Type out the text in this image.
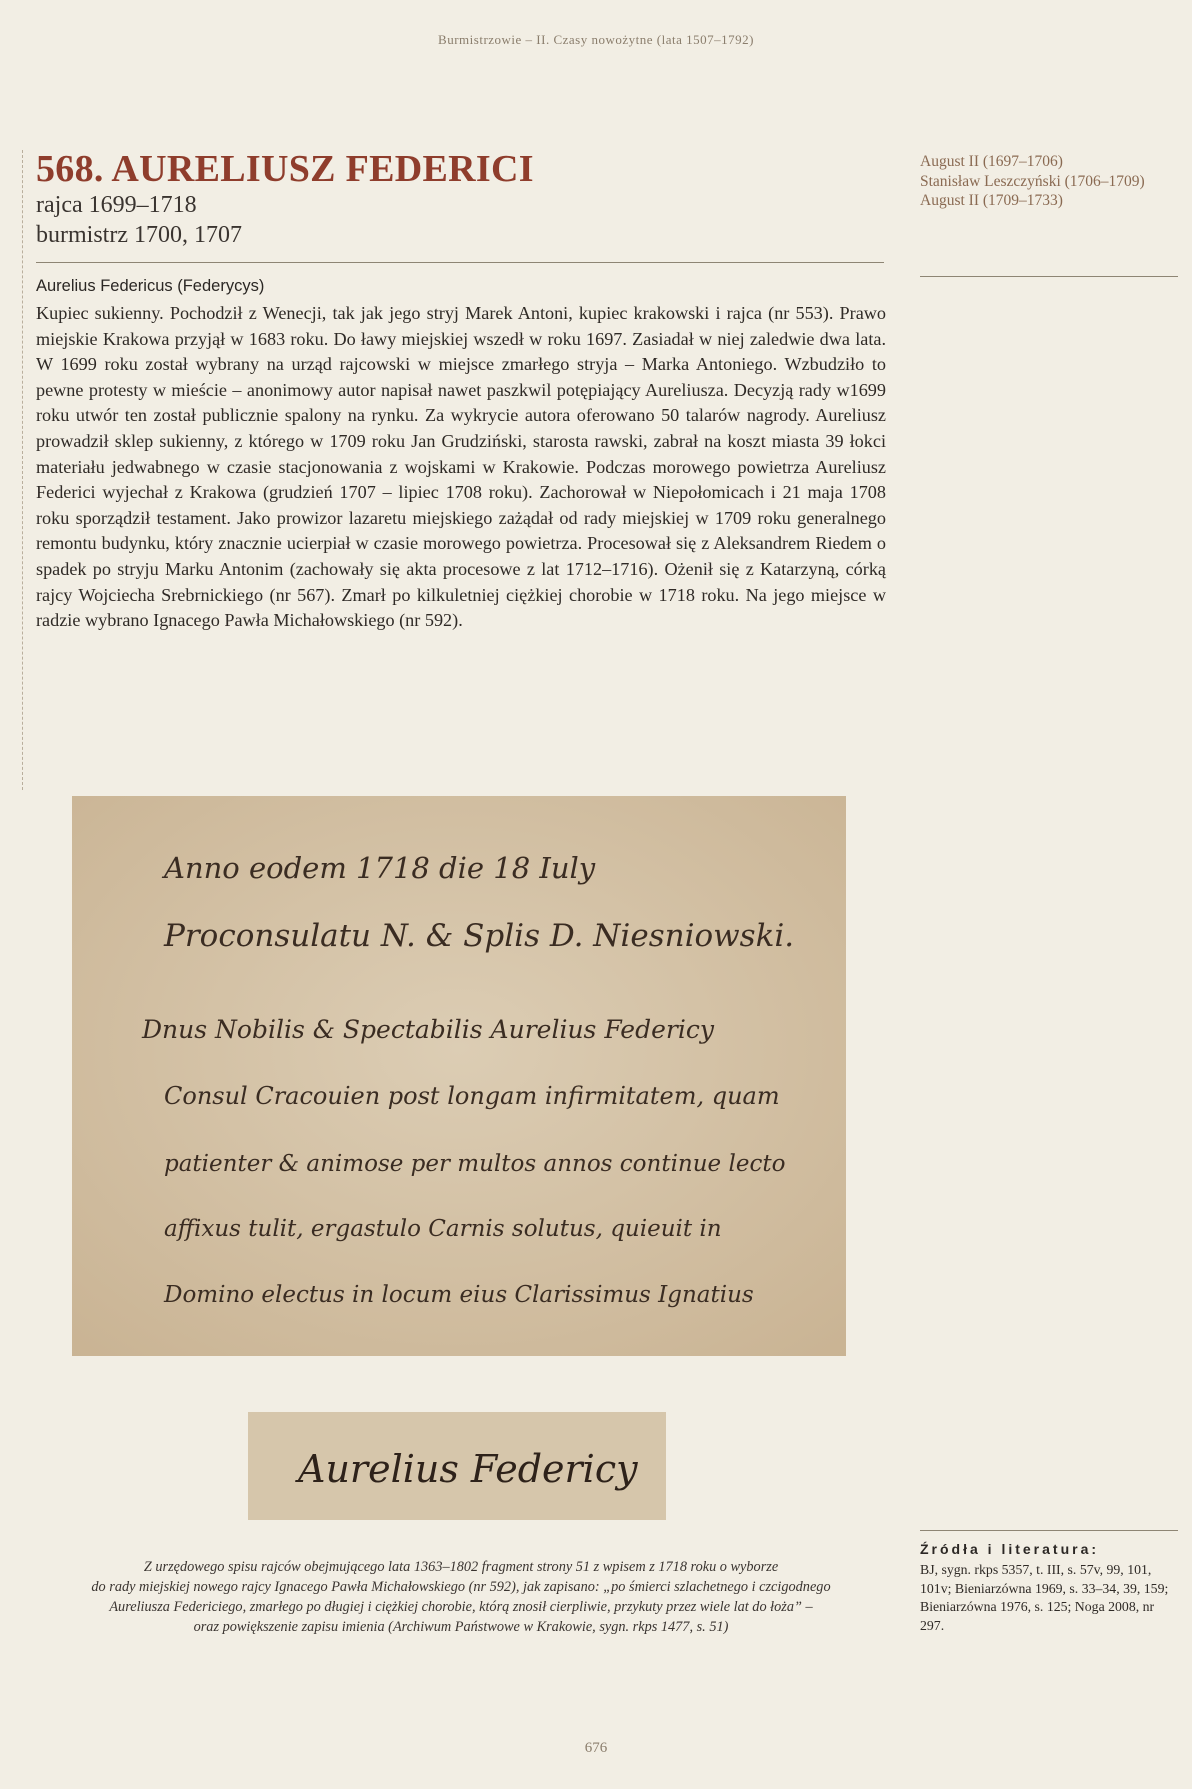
Burmistrzowie – II. Czasy nowożytne (lata 1507–1792)
568. AURELIUSZ FEDERICI

rajca 1699–1718

burmistrz 1700, 1707

Aurelius Federicus (Federycys)
Kupiec sukienny. Pochodził z Wenecji, tak jak jego stryj Marek Antoni, kupiec krakowski i rajca (nr 553). Prawo miejskie Krakowa przyjął w 1683 roku. Do ławy miejskiej wszedł w roku 1697. Zasiadał w niej zaledwie dwa lata. W 1699 roku został wybrany na urząd rajcowski w miejsce zmarłego stryja – Marka Antoniego. Wzbudziło to pewne protesty w mieście – anonimowy autor napisał nawet paszkwil potępiający Aureliusza. Decyzją rady w1699 roku utwór ten został publicznie spalony na rynku. Za wykrycie autora oferowano 50 talarów nagrody. Aureliusz prowadził sklep sukienny, z którego w 1709 roku Jan Grudziński, starosta rawski, zabrał na koszt miasta 39 łokci materiału jedwabnego w czasie stacjonowania z wojskami w Krakowie. Podczas morowego powietrza Aureliusz Federici wyjechał z Krakowa (grudzień 1707 – lipiec 1708 roku). Zachorował w Niepołomicach i 21 maja 1708 roku sporządził testament. Jako prowizor lazaretu miejskiego zażądał od rady miejskiej w 1709 roku generalnego remontu budynku, który znacznie ucierpiał w czasie morowego powietrza. Procesował się z Aleksandrem Riedem o spadek po stryju Marku Antonim (zachowały się akta procesowe z lat 1712–1716). Ożenił się z Katarzyną, córką rajcy Wojciecha Srebrnickiego (nr 567). Zmarł po kilkuletniej ciężkiej chorobie w 1718 roku. Na jego miejsce w radzie wybrano Ignacego Pawła Michałowskiego (nr 592).
August II (1697–1706)
Stanisław Leszczyński (1706–1709)
August II (1709–1733)
Anno eodem 1718 die 18 Iuly
Proconsulatu N. & Splis D. Niesniowski.
Dnus Nobilis & Spectabilis Aurelius Federicy
Consul Cracouien post longam infirmitatem, quam
patienter & animose per multos annos continue lecto
affixus tulit, ergastulo Carnis solutus, quieuit in
Domino electus in locum eius Clarissimus Ignatius
Aurelius Federicy
Z urzędowego spisu rajców obejmującego lata 1363–1802 fragment strony 51 z wpisem z 1718 roku o wyborze
do rady miejskiej nowego rajcy Ignacego Pawła Michałowskiego (nr 592), jak zapisano: „po śmierci szlachetnego i czcigodnego
Aureliusza Federiciego, zmarłego po długiej i ciężkiej chorobie, którą znosił cierpliwie, przykuty przez wiele lat do łoża” –
oraz powiększenie zapisu imienia (Archiwum Państwowe w Krakowie, sygn. rkps 1477, s. 51)
Źródła i literatura:
BJ, sygn. rkps 5357, t. III, s. 57v, 99, 101, 101v; Bieniarzówna 1969, s. 33–34, 39, 159; Bieniarzówna 1976, s. 125; Noga 2008, nr 297.
676
